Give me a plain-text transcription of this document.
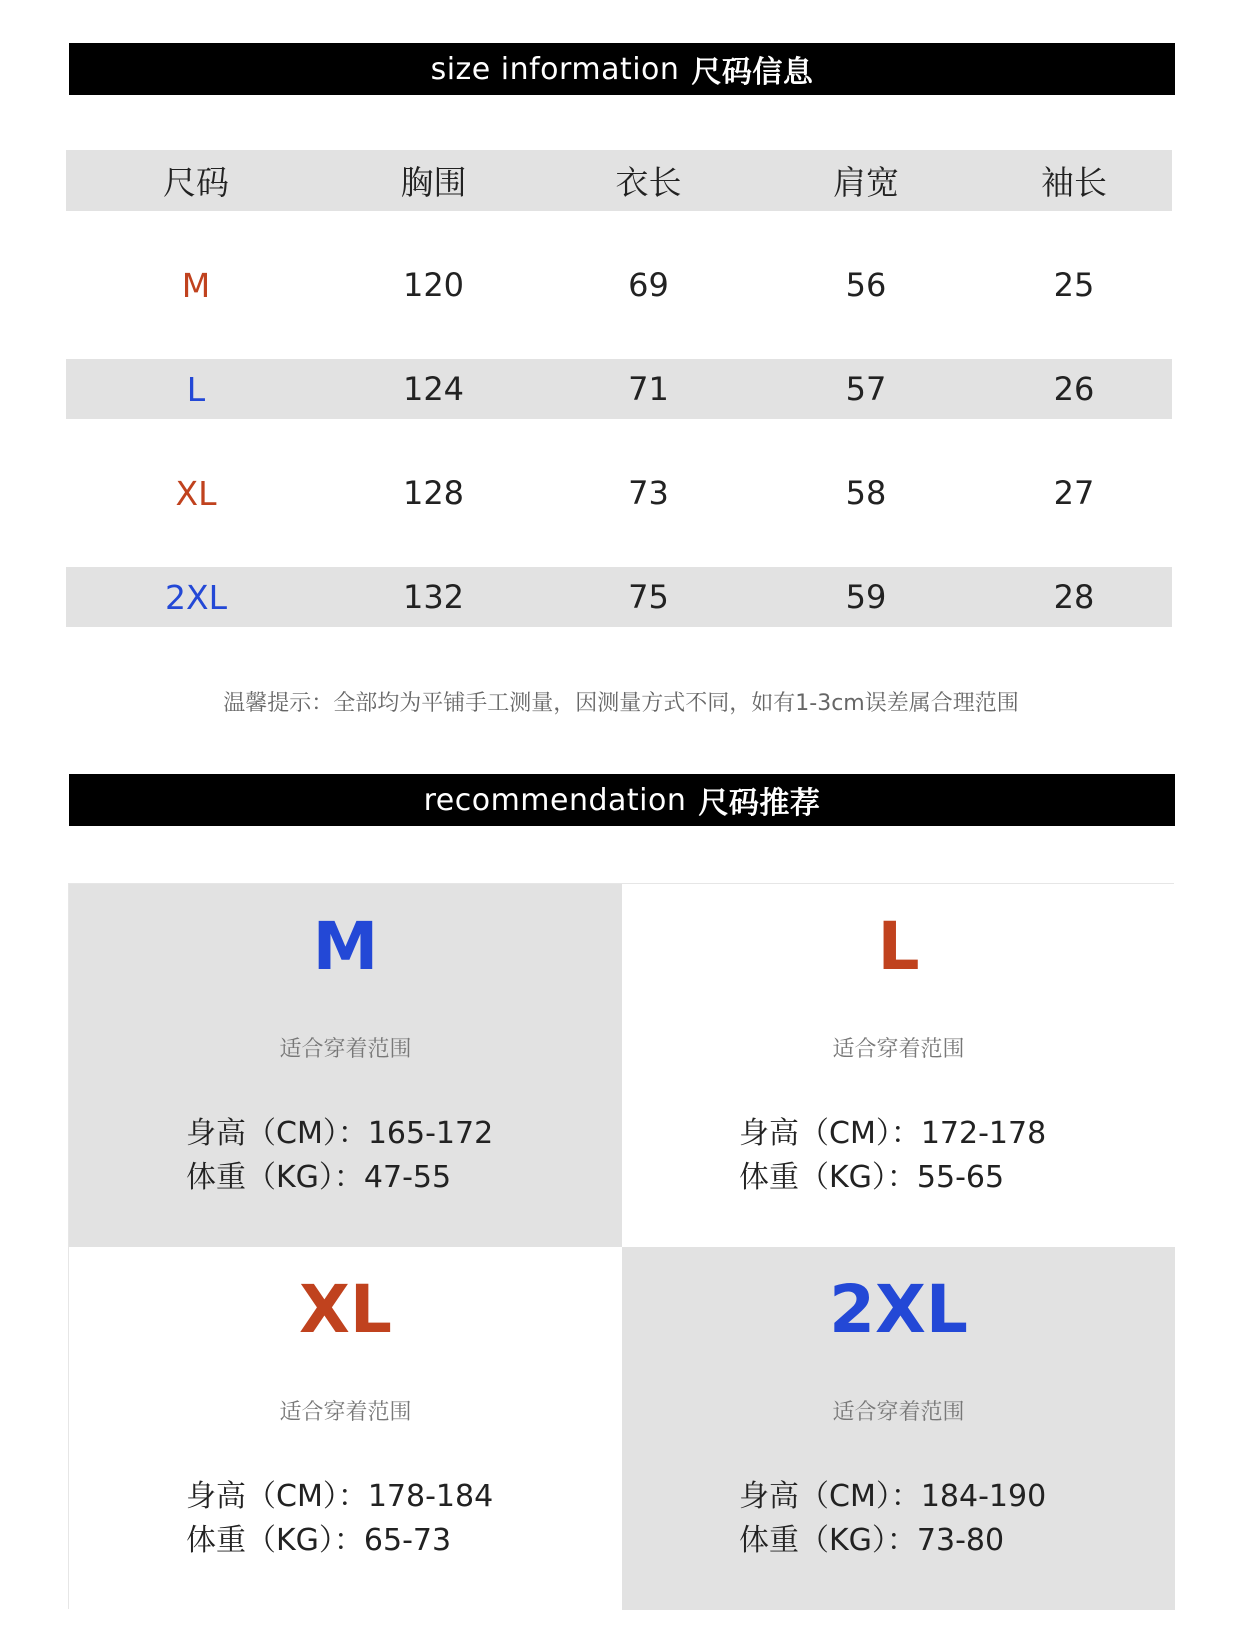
size information 尺码信息
尺码	胸围	衣长	肩宽	袖长
M	120	69	56	25
L	124	71	57	26
XL	128	73	58	27
2XL	132	75	59	28
温馨提示：全部均为平铺手工测量，因测量方式不同，如有1-3cm误差属合理范围
recommendation 尺码推荐
M
适合穿着范围
身高（CM）：165-172
体重（KG）：47-55
L
适合穿着范围
身高（CM）：172-178
体重（KG）：55-65
XL
适合穿着范围
身高（CM）：178-184
体重（KG）：65-73
2XL
适合穿着范围
身高（CM）：184-190
体重（KG）：73-80
